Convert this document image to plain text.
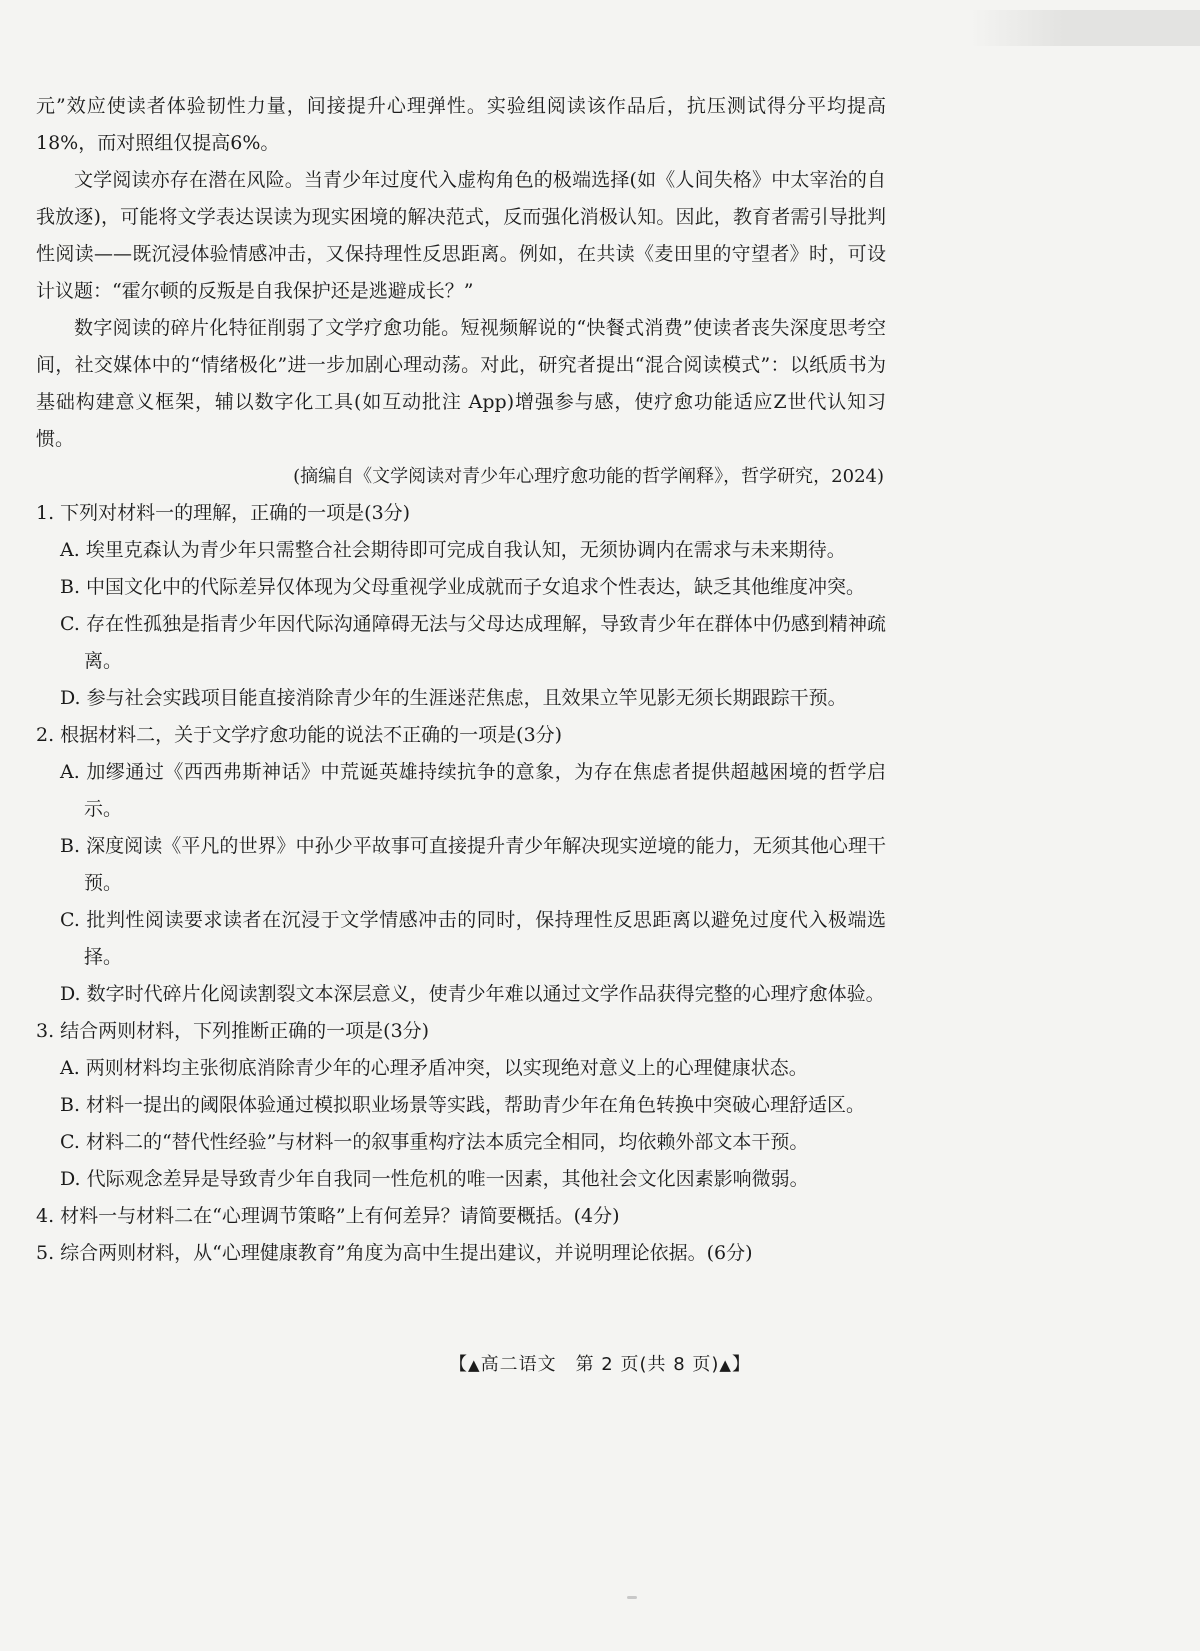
元”效应使读者体验韧性力量，间接提升心理弹性。实验组阅读该作品后，抗压测试得分平均提高18%，而对照组仅提高6%。

文学阅读亦存在潜在风险。当青少年过度代入虚构角色的极端选择(如《人间失格》中太宰治的自我放逐)，可能将文学表达误读为现实困境的解决范式，反而强化消极认知。因此，教育者需引导批判性阅读——既沉浸体验情感冲击，又保持理性反思距离。例如，在共读《麦田里的守望者》时，可设计议题：“霍尔顿的反叛是自我保护还是逃避成长？”

数字阅读的碎片化特征削弱了文学疗愈功能。短视频解说的“快餐式消费”使读者丧失深度思考空间，社交媒体中的“情绪极化”进一步加剧心理动荡。对此，研究者提出“混合阅读模式”：以纸质书为基础构建意义框架，辅以数字化工具(如互动批注 App)增强参与感，使疗愈功能适应Z世代认知习惯。

(摘编自《文学阅读对青少年心理疗愈功能的哲学阐释》，哲学研究，2024)

1. 下列对材料一的理解，正确的一项是(3分)

A. 埃里克森认为青少年只需整合社会期待即可完成自我认知，无须协调内在需求与未来期待。

B. 中国文化中的代际差异仅体现为父母重视学业成就而子女追求个性表达，缺乏其他维度冲突。

C. 存在性孤独是指青少年因代际沟通障碍无法与父母达成理解，导致青少年在群体中仍感到精神疏离。

D. 参与社会实践项目能直接消除青少年的生涯迷茫焦虑，且效果立竿见影无须长期跟踪干预。

2. 根据材料二，关于文学疗愈功能的说法不正确的一项是(3分)

A. 加缪通过《西西弗斯神话》中荒诞英雄持续抗争的意象，为存在焦虑者提供超越困境的哲学启示。

B. 深度阅读《平凡的世界》中孙少平故事可直接提升青少年解决现实逆境的能力，无须其他心理干预。

C. 批判性阅读要求读者在沉浸于文学情感冲击的同时，保持理性反思距离以避免过度代入极端选择。

D. 数字时代碎片化阅读割裂文本深层意义，使青少年难以通过文学作品获得完整的心理疗愈体验。

3. 结合两则材料，下列推断正确的一项是(3分)

A. 两则材料均主张彻底消除青少年的心理矛盾冲突，以实现绝对意义上的心理健康状态。

B. 材料一提出的阈限体验通过模拟职业场景等实践，帮助青少年在角色转换中突破心理舒适区。

C. 材料二的“替代性经验”与材料一的叙事重构疗法本质完全相同，均依赖外部文本干预。

D. 代际观念差异是导致青少年自我同一性危机的唯一因素，其他社会文化因素影响微弱。

4. 材料一与材料二在“心理调节策略”上有何差异？请简要概括。(4分)

5. 综合两则材料，从“心理健康教育”角度为高中生提出建议，并说明理论依据。(6分)

【▲高二语文　第 2 页(共 8 页)▲】
